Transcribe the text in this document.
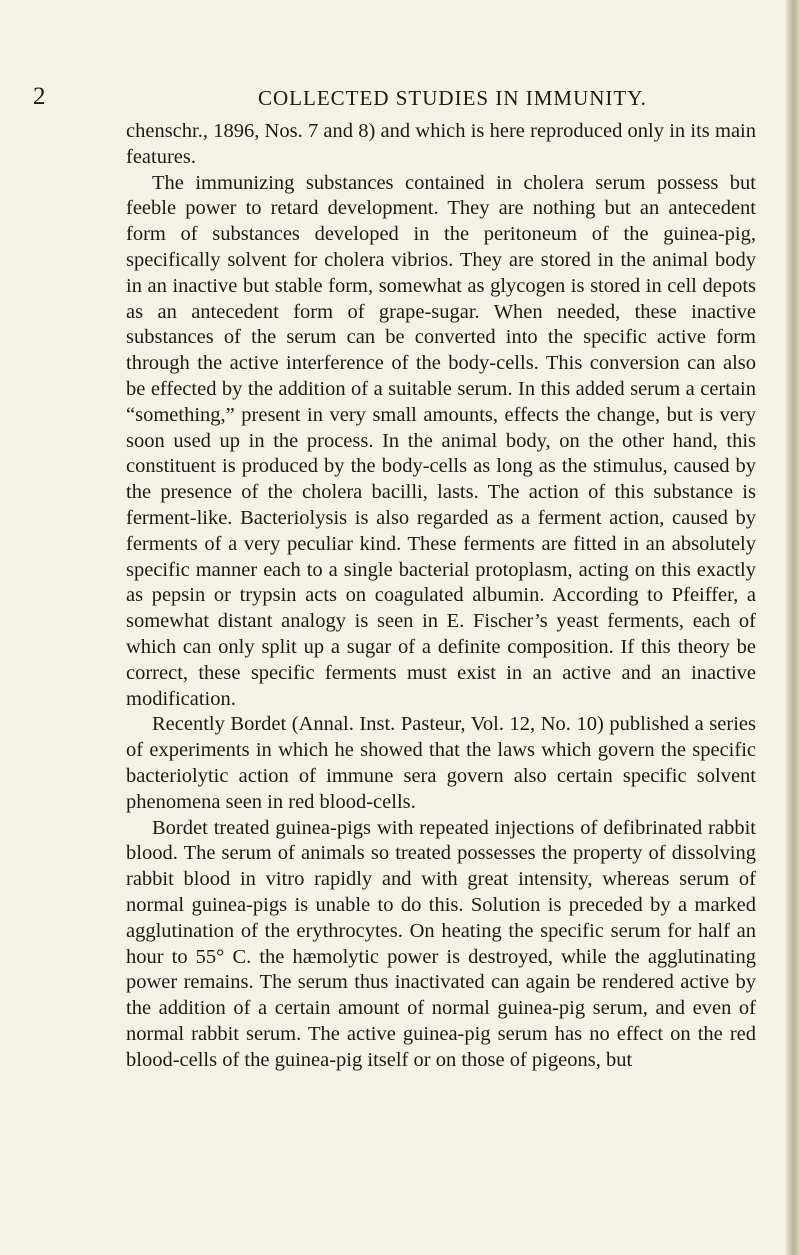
2	COLLECTED STUDIES IN IMMUNITY.

chenschr., 1896, Nos. 7 and 8) and which is here reproduced only in its main features.

The immunizing substances contained in cholera serum possess but feeble power to retard development. They are nothing but an antecedent form of substances developed in the peritoneum of the guinea-pig, specifically solvent for cholera vibrios. They are stored in the animal body in an inactive but stable form, somewhat as glycogen is stored in cell depots as an antecedent form of grape-sugar. When needed, these inactive substances of the serum can be converted into the specific active form through the active interference of the body-cells. This conversion can also be effected by the addition of a suitable serum. In this added serum a certain “something,” present in very small amounts, effects the change, but is very soon used up in the process. In the animal body, on the other hand, this constituent is produced by the body-cells as long as the stimulus, caused by the presence of the cholera bacilli, lasts. The action of this substance is ferment-like. Bacteriolysis is also regarded as a ferment action, caused by ferments of a very peculiar kind. These ferments are fitted in an absolutely specific manner each to a single bacterial protoplasm, acting on this exactly as pepsin or trypsin acts on coagulated albumin. According to Pfeiffer, a somewhat distant analogy is seen in E. Fischer’s yeast ferments, each of which can only split up a sugar of a definite composition. If this theory be correct, these specific ferments must exist in an active and an inactive modification.

Recently Bordet (Annal. Inst. Pasteur, Vol. 12, No. 10) published a series of experiments in which he showed that the laws which govern the specific bacteriolytic action of immune sera govern also certain specific solvent phenomena seen in red blood-cells.

Bordet treated guinea-pigs with repeated injections of defibrinated rabbit blood. The serum of animals so treated possesses the property of dissolving rabbit blood in vitro rapidly and with great intensity, whereas serum of normal guinea-pigs is unable to do this. Solution is preceded by a marked agglutination of the erythrocytes. On heating the specific serum for half an hour to 55° C. the hæmolytic power is destroyed, while the agglutinating power remains. The serum thus inactivated can again be rendered active by the addition of a certain amount of normal guinea-pig serum, and even of normal rabbit serum. The active guinea-pig serum has no effect on the red blood-cells of the guinea-pig itself or on those of pigeons, but
